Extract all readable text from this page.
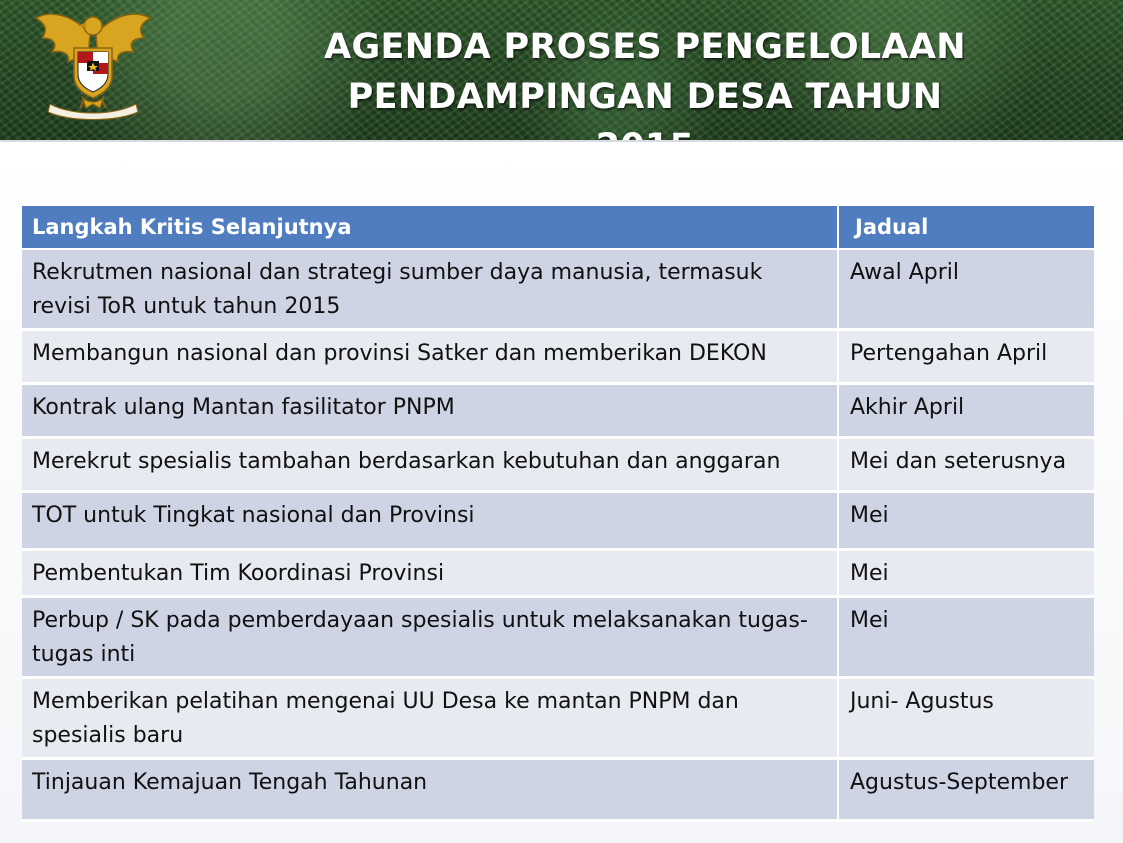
AGENDA PROSES PENGELOLAAN
PENDAMPINGAN DESA TAHUN
Langkah Kritis Selanjutnya	Jadual
Rekrutmen nasional dan strategi sumber daya manusia, termasuk revisi ToR untuk tahun 2015	Awal April
Membangun nasional dan provinsi Satker dan memberikan DEKON	Pertengahan April
Kontrak ulang Mantan fasilitator PNPM	Akhir April
Merekrut spesialis tambahan berdasarkan kebutuhan dan anggaran	Mei dan seterusnya
TOT untuk Tingkat nasional dan Provinsi	Mei
Pembentukan Tim Koordinasi Provinsi	Mei
Perbup / SK pada pemberdayaan spesialis untuk melaksanakan tugas-tugas inti	Mei
Memberikan pelatihan mengenai UU Desa ke mantan PNPM dan spesialis baru	Juni- Agustus
Tinjauan Kemajuan Tengah Tahunan	Agustus-September
